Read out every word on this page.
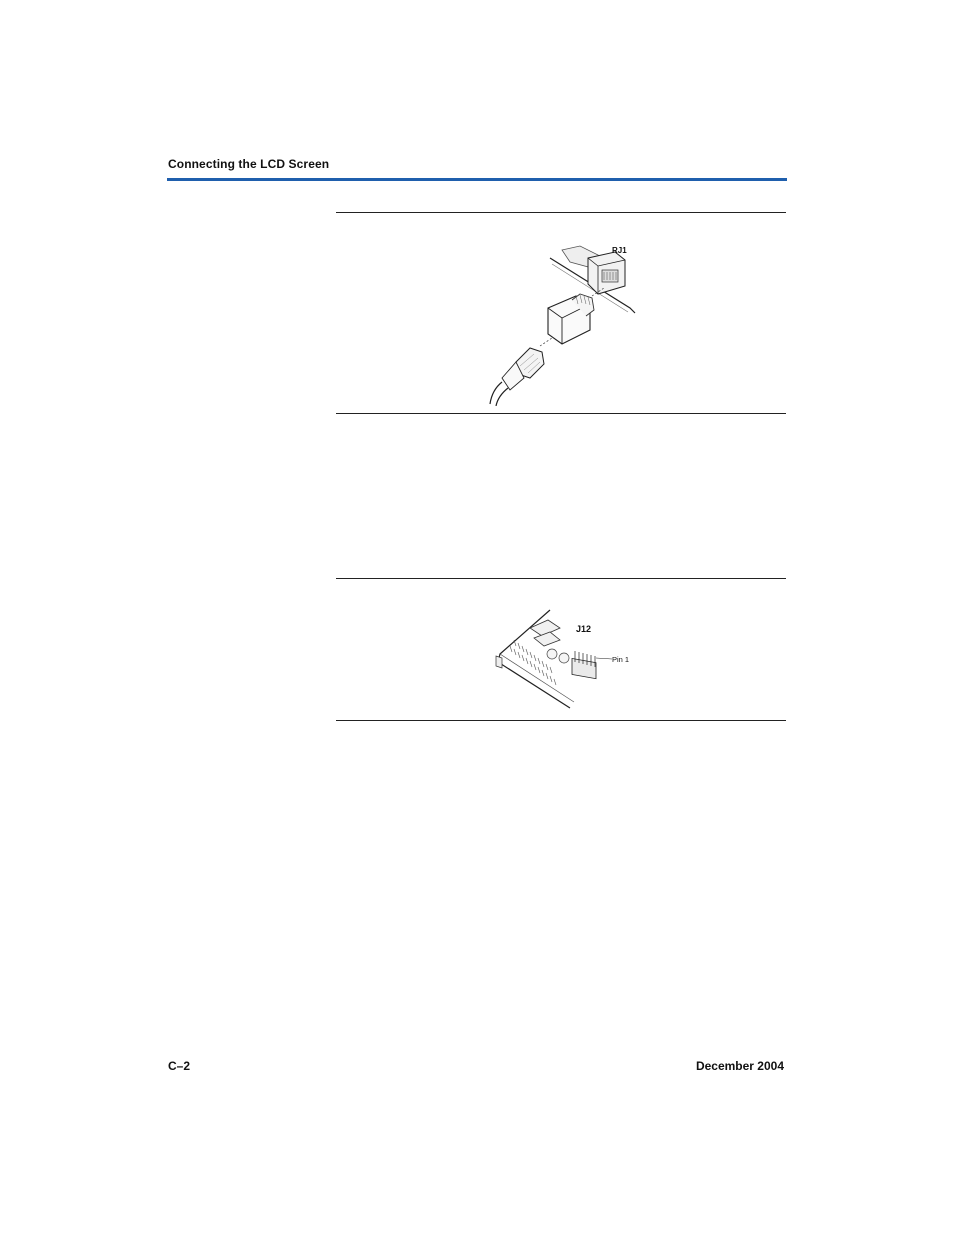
Connecting the LCD Screen
RJ1
J12
Pin 1
C–2	December 2004
